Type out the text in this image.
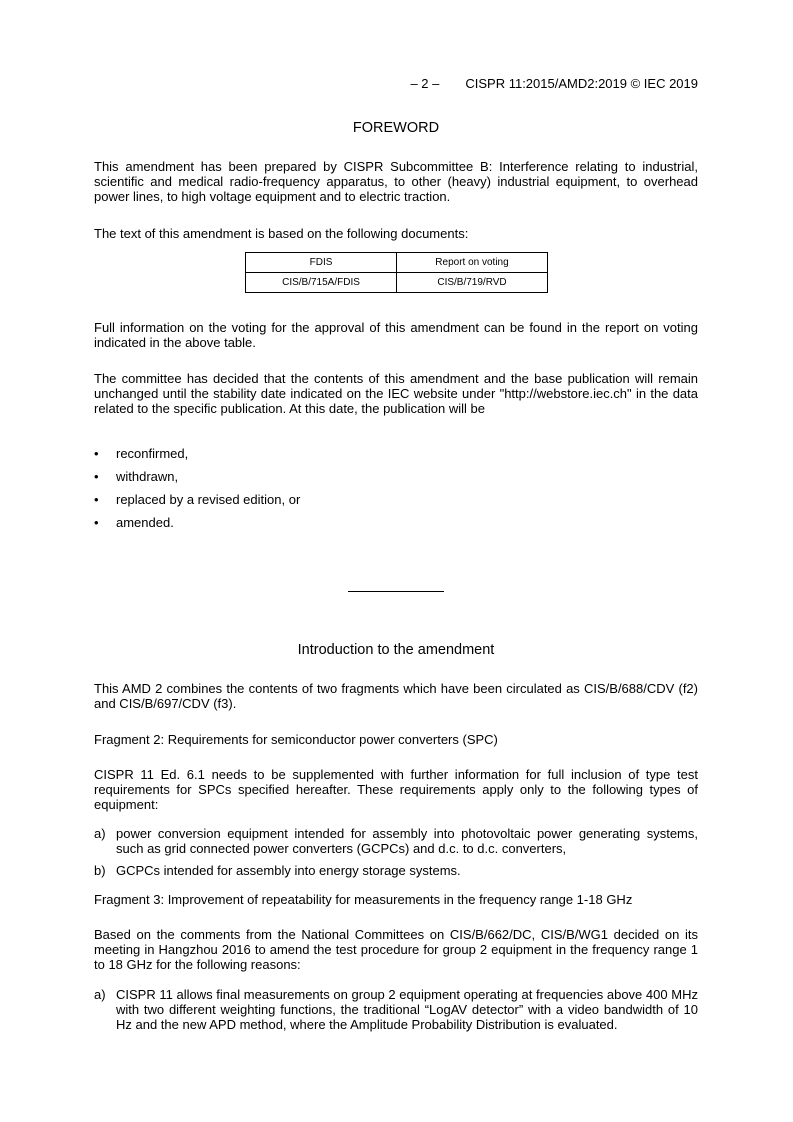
– 2 – CISPR 11:2015/AMD2:2019 © IEC 2019
FOREWORD

This amendment has been prepared by CISPR Subcommittee B: Interference relating to industrial, scientific and medical radio-frequency apparatus, to other (heavy) industrial equipment, to overhead power lines, to high voltage equipment and to electric traction.

The text of this amendment is based on the following documents:

FDIS	Report on voting
CIS/B/715A/FDIS	CIS/B/719/RVD

Full information on the voting for the approval of this amendment can be found in the report on voting indicated in the above table.

The committee has decided that the contents of this amendment and the base publication will remain unchanged until the stability date indicated on the IEC website under "http://webstore.iec.ch" in the data related to the specific publication. At this date, the publication will be

•	reconfirmed,
•	withdrawn,
•	replaced by a revised edition, or
•	amended.
Introduction to the amendment

This AMD 2 combines the contents of two fragments which have been circulated as CIS/B/688/CDV (f2) and CIS/B/697/CDV (f3).

Fragment 2: Requirements for semiconductor power converters (SPC)

CISPR 11 Ed. 6.1 needs to be supplemented with further information for full inclusion of type test requirements for SPCs specified hereafter. These requirements apply only to the following types of equipment:

a) power conversion equipment intended for assembly into photovoltaic power generating systems, such as grid connected power converters (GCPCs) and d.c. to d.c. converters,
b) GCPCs intended for assembly into energy storage systems.

Fragment 3: Improvement of repeatability for measurements in the frequency range 1-18 GHz

Based on the comments from the National Committees on CIS/B/662/DC, CIS/B/WG1 decided on its meeting in Hangzhou 2016 to amend the test procedure for group 2 equipment in the frequency range 1 to 18 GHz for the following reasons:

a) CISPR 11 allows final measurements on group 2 equipment operating at frequencies above 400 MHz with two different weighting functions, the traditional “LogAV detector” with a video bandwidth of 10 Hz and the new APD method, where the Amplitude Probability Distribution is evaluated.
